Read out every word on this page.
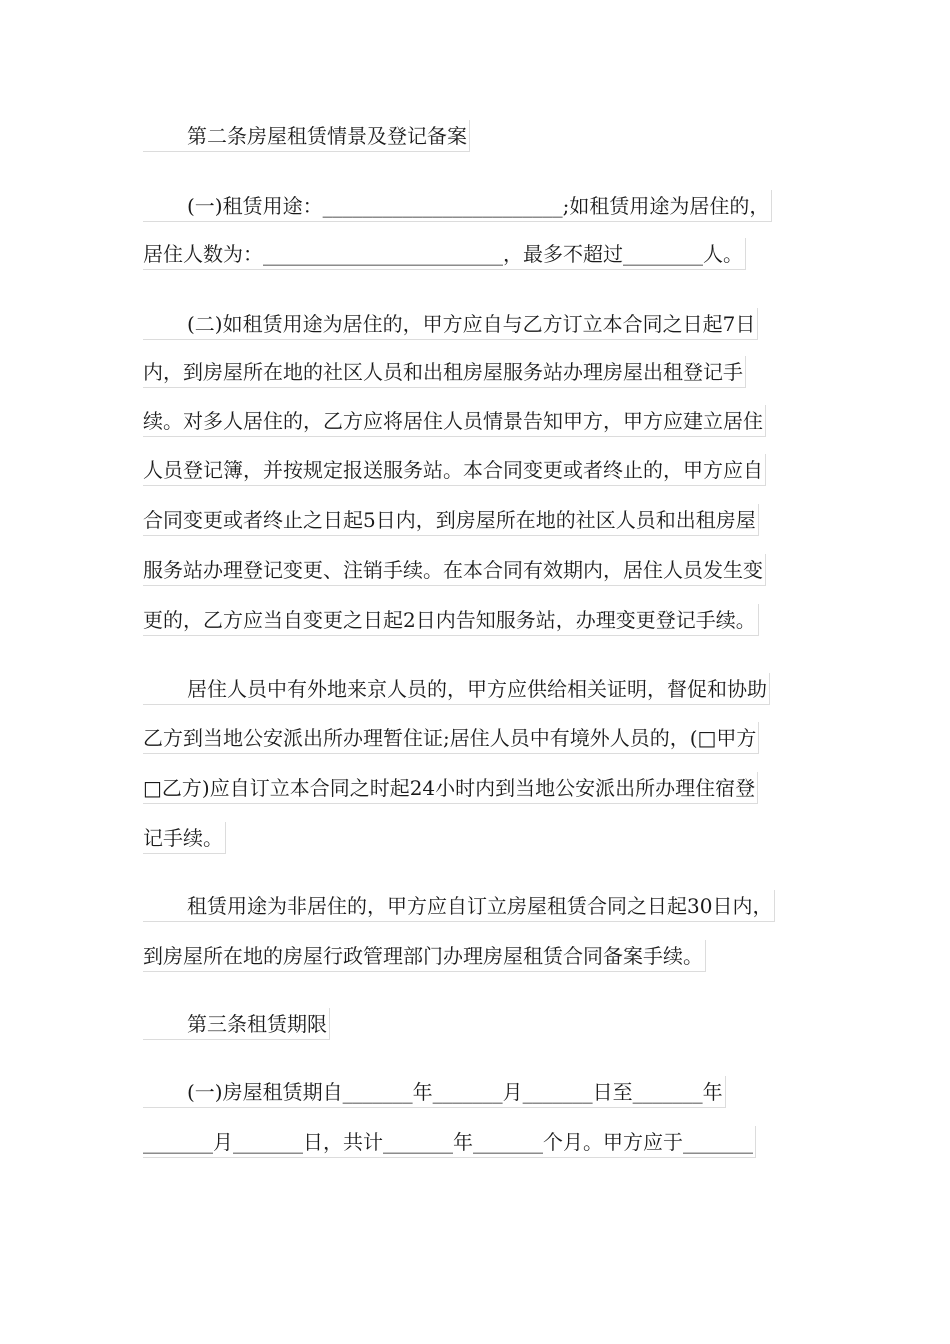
第二条房屋租赁情景及登记备案
(一)租赁用途：________________________;如租赁用途为居住的，
居住人数为：________________________，最多不超过________人。
(二)如租赁用途为居住的，甲方应自与乙方订立本合同之日起7日
内，到房屋所在地的社区人员和出租房屋服务站办理房屋出租登记手
续。对多人居住的，乙方应将居住人员情景告知甲方，甲方应建立居住
人员登记簿，并按规定报送服务站。本合同变更或者终止的，甲方应自
合同变更或者终止之日起5日内，到房屋所在地的社区人员和出租房屋
服务站办理登记变更、注销手续。在本合同有效期内，居住人员发生变
更的，乙方应当自变更之日起2日内告知服务站，办理变更登记手续。
居住人员中有外地来京人员的，甲方应供给相关证明，督促和协助
乙方到当地公安派出所办理暂住证;居住人员中有境外人员的，(□甲方
□乙方)应自订立本合同之时起24小时内到当地公安派出所办理住宿登
记手续。
租赁用途为非居住的，甲方应自订立房屋租赁合同之日起30日内，
到房屋所在地的房屋行政管理部门办理房屋租赁合同备案手续。
第三条租赁期限
(一)房屋租赁期自_______年_______月_______日至_______年
_______月_______日，共计_______年_______个月。甲方应于_______
